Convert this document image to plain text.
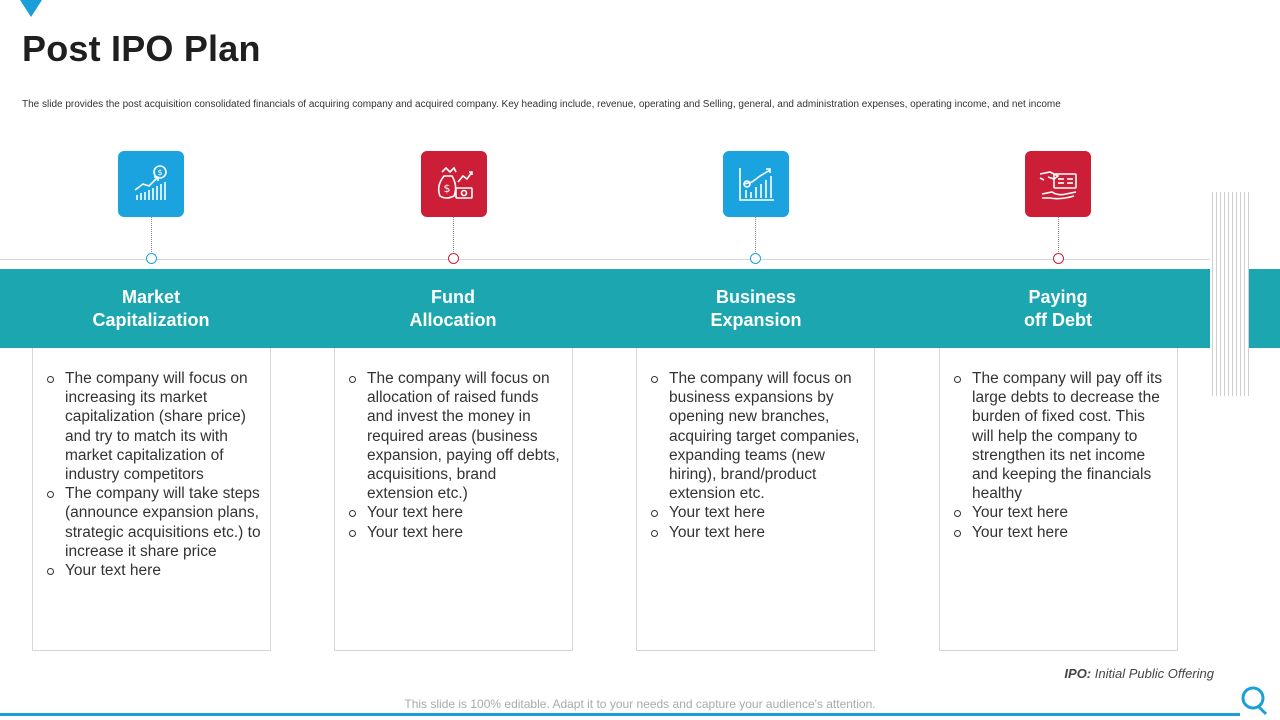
Post IPO Plan
The slide provides the post acquisition consolidated financials of acquiring company and acquired company. Key heading include, revenue, operating and Selling, general, and administration expenses, operating income, and net income
$
Market
Capitalization
The company will focus on increasing its market capitalization (share price) and try to match its with market capitalization of industry competitors
The company will take steps (announce expansion plans, strategic acquisitions etc.) to increase it share price
Your text here
$
Fund
Allocation
The company will focus on allocation of raised funds and invest the money in required areas (business expansion, paying off debts, acquisitions, brand extension etc.)
Your text here
Your text here
Business
Expansion
The company will focus on business expansions by opening new branches, acquiring target companies, expanding teams (new hiring), brand/product extension etc.
Your text here
Your text here
Paying
off Debt
The company will pay off its large debts to decrease the burden of fixed cost. This will help the company to strengthen its net income and keeping the financials healthy
Your text here
Your text here
IPO: Initial Public Offering
This slide is 100% editable. Adapt it to your needs and capture your audience's attention.
